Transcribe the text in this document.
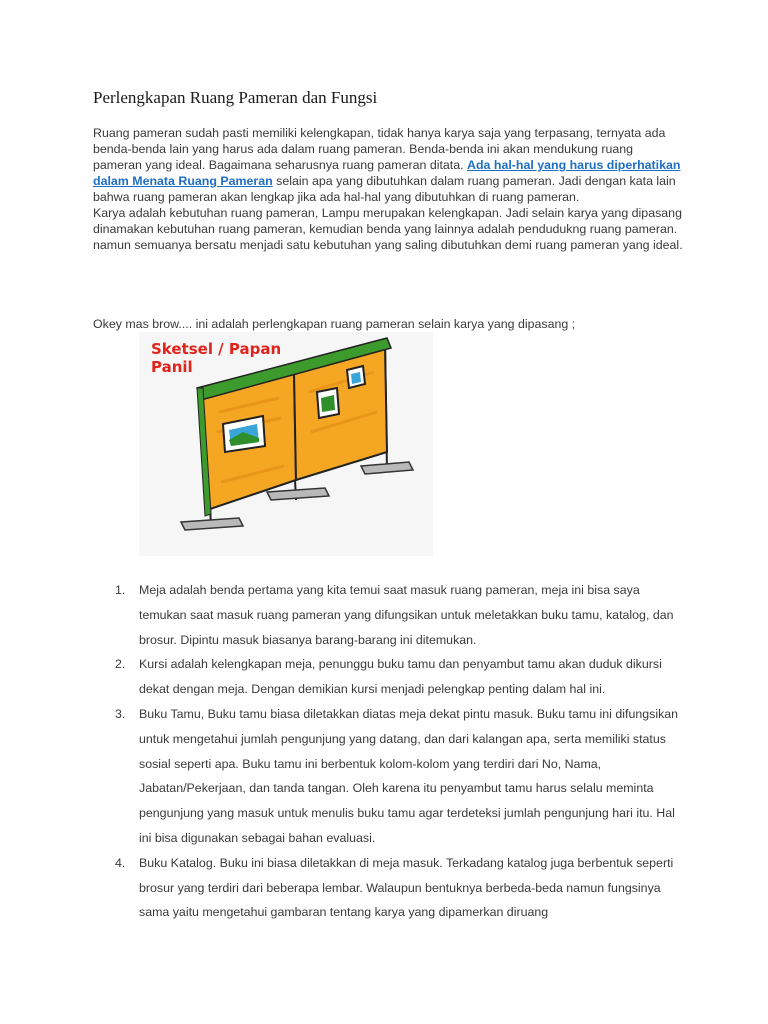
Perlengkapan Ruang Pameran dan Fungsi

Ruang pameran sudah pasti memiliki kelengkapan, tidak hanya karya saja yang terpasang, ternyata ada benda-benda lain yang harus ada dalam ruang pameran. Benda-benda ini akan mendukung ruang pameran yang ideal. Bagaimana seharusnya ruang pameran ditata. Ada hal-hal yang harus diperhatikan dalam Menata Ruang Pameran selain apa yang dibutuhkan dalam ruang pameran. Jadi dengan kata lain bahwa ruang pameran akan lengkap jika ada hal-hal yang dibutuhkan di ruang pameran.

Karya adalah kebutuhan ruang pameran, Lampu merupakan kelengkapan. Jadi selain karya yang dipasang dinamakan kebutuhan ruang pameran, kemudian benda yang lainnya adalah pendudukng ruang pameran. namun semuanya bersatu menjadi satu kebutuhan yang saling dibutuhkan demi ruang pameran yang ideal.

Okey mas brow.... ini adalah perlengkapan ruang pameran selain karya yang dipasang ;
Sketsel / Papan
Panil
1. Meja adalah benda pertama yang kita temui saat masuk ruang pameran, meja ini bisa saya temukan saat masuk ruang pameran yang difungsikan untuk meletakkan buku tamu, katalog, dan brosur. Dipintu masuk biasanya barang-barang ini ditemukan.
2. Kursi adalah kelengkapan meja, penunggu buku tamu dan penyambut tamu akan duduk dikursi dekat dengan meja. Dengan demikian kursi menjadi pelengkap penting dalam hal ini.
3. Buku Tamu, Buku tamu biasa diletakkan diatas meja dekat pintu masuk. Buku tamu ini difungsikan untuk mengetahui jumlah pengunjung yang datang, dan dari kalangan apa, serta memiliki status sosial seperti apa. Buku tamu ini berbentuk kolom-kolom yang terdiri dari No, Nama, Jabatan/Pekerjaan, dan tanda tangan. Oleh karena itu penyambut tamu harus selalu meminta pengunjung yang masuk untuk menulis buku tamu agar terdeteksi jumlah pengunjung hari itu. Hal ini bisa digunakan sebagai bahan evaluasi.
4. Buku Katalog. Buku ini biasa diletakkan di meja masuk. Terkadang katalog juga berbentuk seperti brosur yang terdiri dari beberapa lembar. Walaupun bentuknya berbeda-beda namun fungsinya sama yaitu mengetahui gambaran tentang karya yang dipamerkan diruang
